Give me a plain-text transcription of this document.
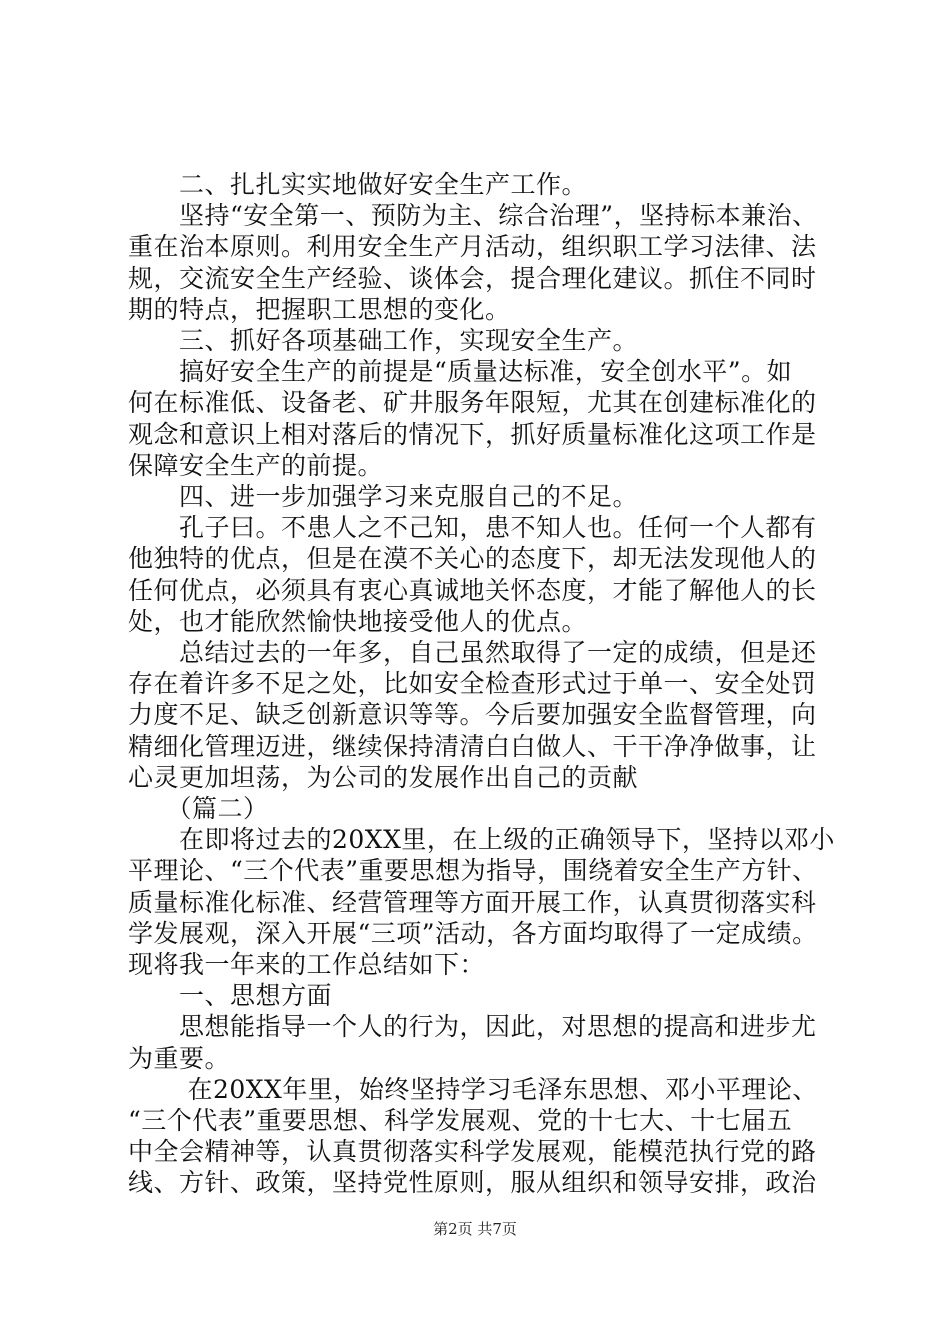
　　二、扎扎实实地做好安全生产工作。
　　坚持“安全第一、预防为主、综合治理”，坚持标本兼治、
重在治本原则。利用安全生产月活动，组织职工学习法律、法
规，交流安全生产经验、谈体会，提合理化建议。抓住不同时
期的特点，把握职工思想的变化。
　　三、抓好各项基础工作，实现安全生产。
　　搞好安全生产的前提是“质量达标准，安全创水平”。如
何在标准低、设备老、矿井服务年限短，尤其在创建标准化的
观念和意识上相对落后的情况下，抓好质量标准化这项工作是
保障安全生产的前提。
　　四、进一步加强学习来克服自己的不足。
　　孔子曰。不患人之不己知，患不知人也。任何一个人都有
他独特的优点，但是在漠不关心的态度下，却无法发现他人的
任何优点，必须具有衷心真诚地关怀态度，才能了解他人的长
处，也才能欣然愉快地接受他人的优点。
　　总结过去的一年多，自己虽然取得了一定的成绩，但是还
存在着许多不足之处，比如安全检查形式过于单一、安全处罚
力度不足、缺乏创新意识等等。今后要加强安全监督管理，向
精细化管理迈进，继续保持清清白白做人、干干净净做事，让
心灵更加坦荡，为公司的发展作出自己的贡献
　　（篇二）
　　在即将过去的20XX里，在上级的正确领导下，坚持以邓小
平理论、“三个代表”重要思想为指导，围绕着安全生产方针、
质量标准化标准、经营管理等方面开展工作，认真贯彻落实科
学发展观，深入开展“三项”活动，各方面均取得了一定成绩。
现将我一年来的工作总结如下：
　　一、思想方面
　　思想能指导一个人的行为，因此，对思想的提高和进步尤
为重要。
　　 在20XX年里，始终坚持学习毛泽东思想、邓小平理论、
“三个代表”重要思想、科学发展观、党的十七大、十七届五
中全会精神等，认真贯彻落实科学发展观，能模范执行党的路
线、方针、政策，坚持党性原则，服从组织和领导安排，政治
第2页 共7页
